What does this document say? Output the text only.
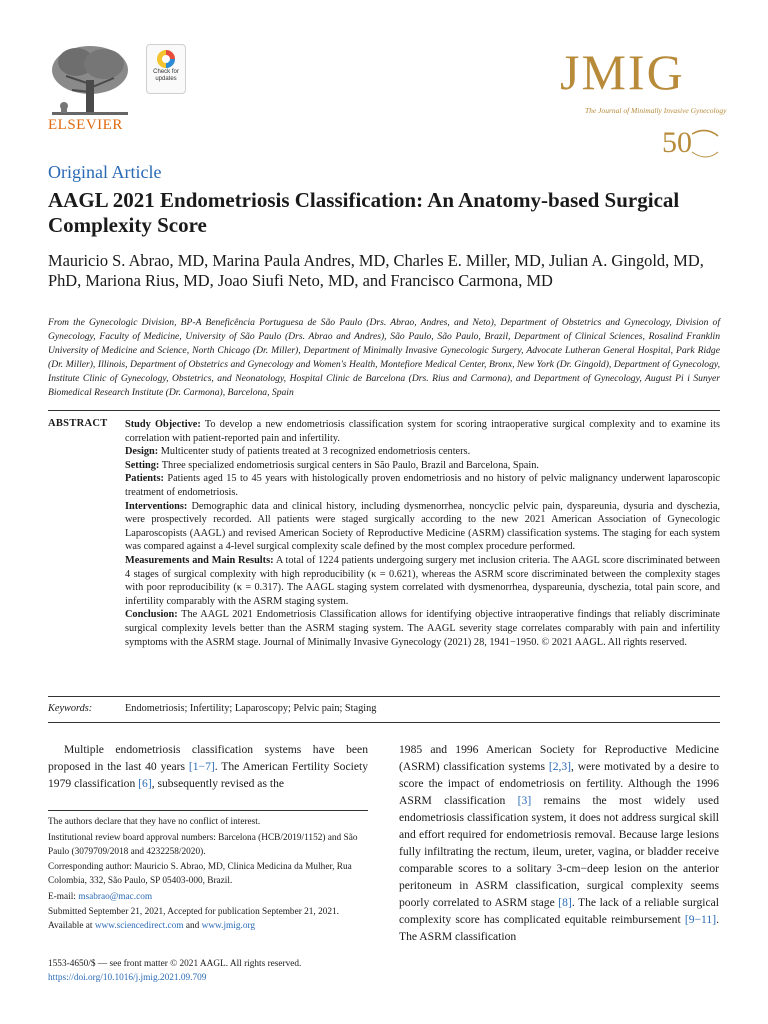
ELSEVIER
Check for
updates	JMIG
The Journal of Minimally Invasive Gynecology
50
Original Article
AAGL 2021 Endometriosis Classification: An Anatomy-based Surgical Complexity Score
Mauricio S. Abrao, MD, Marina Paula Andres, MD, Charles E. Miller, MD, Julian A. Gingold, MD, PhD, Mariona Rius, MD, Joao Siufi Neto, MD, and Francisco Carmona, MD
From the Gynecologic Division, BP-A Beneficência Portuguesa de São Paulo (Drs. Abrao, Andres, and Neto), Department of Obstetrics and Gynecology, Division of Gynecology, Faculty of Medicine, University of São Paulo (Drs. Abrao and Andres), São Paulo, São Paulo, Brazil, Department of Clinical Sciences, Rosalind Franklin University of Medicine and Science, North Chicago (Dr. Miller), Department of Minimally Invasive Gynecologic Surgery, Advocate Lutheran General Hospital, Park Ridge (Dr. Miller), Illinois, Department of Obstetrics and Gynecology and Women's Health, Montefiore Medical Center, Bronx, New York (Dr. Gingold), Department of Gynecology, Institute Clinic of Gynecology, Obstetrics, and Neonatology, Hospital Clinic de Barcelona (Drs. Rius and Carmona), and Department of Gynecology, August Pi i Sunyer Biomedical Research Institute (Dr. Carmona), Barcelona, Spain
ABSTRACT Study Objective: To develop a new endometriosis classification system for scoring intraoperative surgical complexity and to examine its correlation with patient-reported pain and infertility.

Design: Multicenter study of patients treated at 3 recognized endometriosis centers.

Setting: Three specialized endometriosis surgical centers in São Paulo, Brazil and Barcelona, Spain.

Patients: Patients aged 15 to 45 years with histologically proven endometriosis and no history of pelvic malignancy underwent laparoscopic treatment of endometriosis.

Interventions: Demographic data and clinical history, including dysmenorrhea, noncyclic pelvic pain, dyspareunia, dysuria and dyschezia, were prospectively recorded. All patients were staged surgically according to the new 2021 American Association of Gynecologic Laparoscopists (AAGL) and revised American Society of Reproductive Medicine (ASRM) classification systems. The staging for each system was compared against a 4-level surgical complexity scale defined by the most complex procedure performed.

Measurements and Main Results: A total of 1224 patients undergoing surgery met inclusion criteria. The AAGL score discriminated between 4 stages of surgical complexity with high reproducibility (κ = 0.621), whereas the ASRM score discriminated between the complexity stages with poor reproducibility (κ = 0.317). The AAGL staging system correlated with dysmenorrhea, dyspareunia, dyschezia, total pain score, and infertility comparably with the ASRM staging system.

Conclusion: The AAGL 2021 Endometriosis Classification allows for identifying objective intraoperative findings that reliably discriminate surgical complexity levels better than the ASRM staging system. The AAGL severity stage correlates comparably with pain and infertility symptoms with the ASRM stage. Journal of Minimally Invasive Gynecology (2021) 28, 1941−1950. © 2021 AAGL. All rights reserved.

Keywords:	Endometriosis; Infertility; Laparoscopy; Pelvic pain; Staging
Multiple endometriosis classification systems have been proposed in the last 40 years [1−7]. The American Fertility Society 1979 classification [6], subsequently revised as the
1985 and 1996 American Society for Reproductive Medicine (ASRM) classification systems [2,3], were motivated by a desire to score the impact of endometriosis on fertility. Although the 1996 ASRM classification [3] remains the most widely used endometriosis classification system, it does not address surgical skill and effort required for endometriosis removal. Because large lesions fully infiltrating the rectum, ileum, ureter, vagina, or bladder receive comparable scores to a solitary 3-cm−deep lesion on the anterior peritoneum in ASRM classification, surgical complexity seems poorly correlated to ASRM stage [8]. The lack of a reliable surgical complexity score has complicated equitable reimbursement [9−11]. The ASRM classification

The authors declare that they have no conflict of interest.

Institutional review board approval numbers: Barcelona (HCB/2019/1152) and São Paulo (3079709/2018 and 4232258/2020).

Corresponding author: Mauricio S. Abrao, MD, Clinica Medicina da Mulher, Rua Colombia, 332, São Paulo, SP 05403-000, Brazil.

E-mail: msabrao@mac.com

Submitted September 21, 2021, Accepted for publication September 21, 2021.
Available at www.sciencedirect.com and www.jmig.org

1553-4650/$ — see front matter © 2021 AAGL. All rights reserved.

https://doi.org/10.1016/j.jmig.2021.09.709
